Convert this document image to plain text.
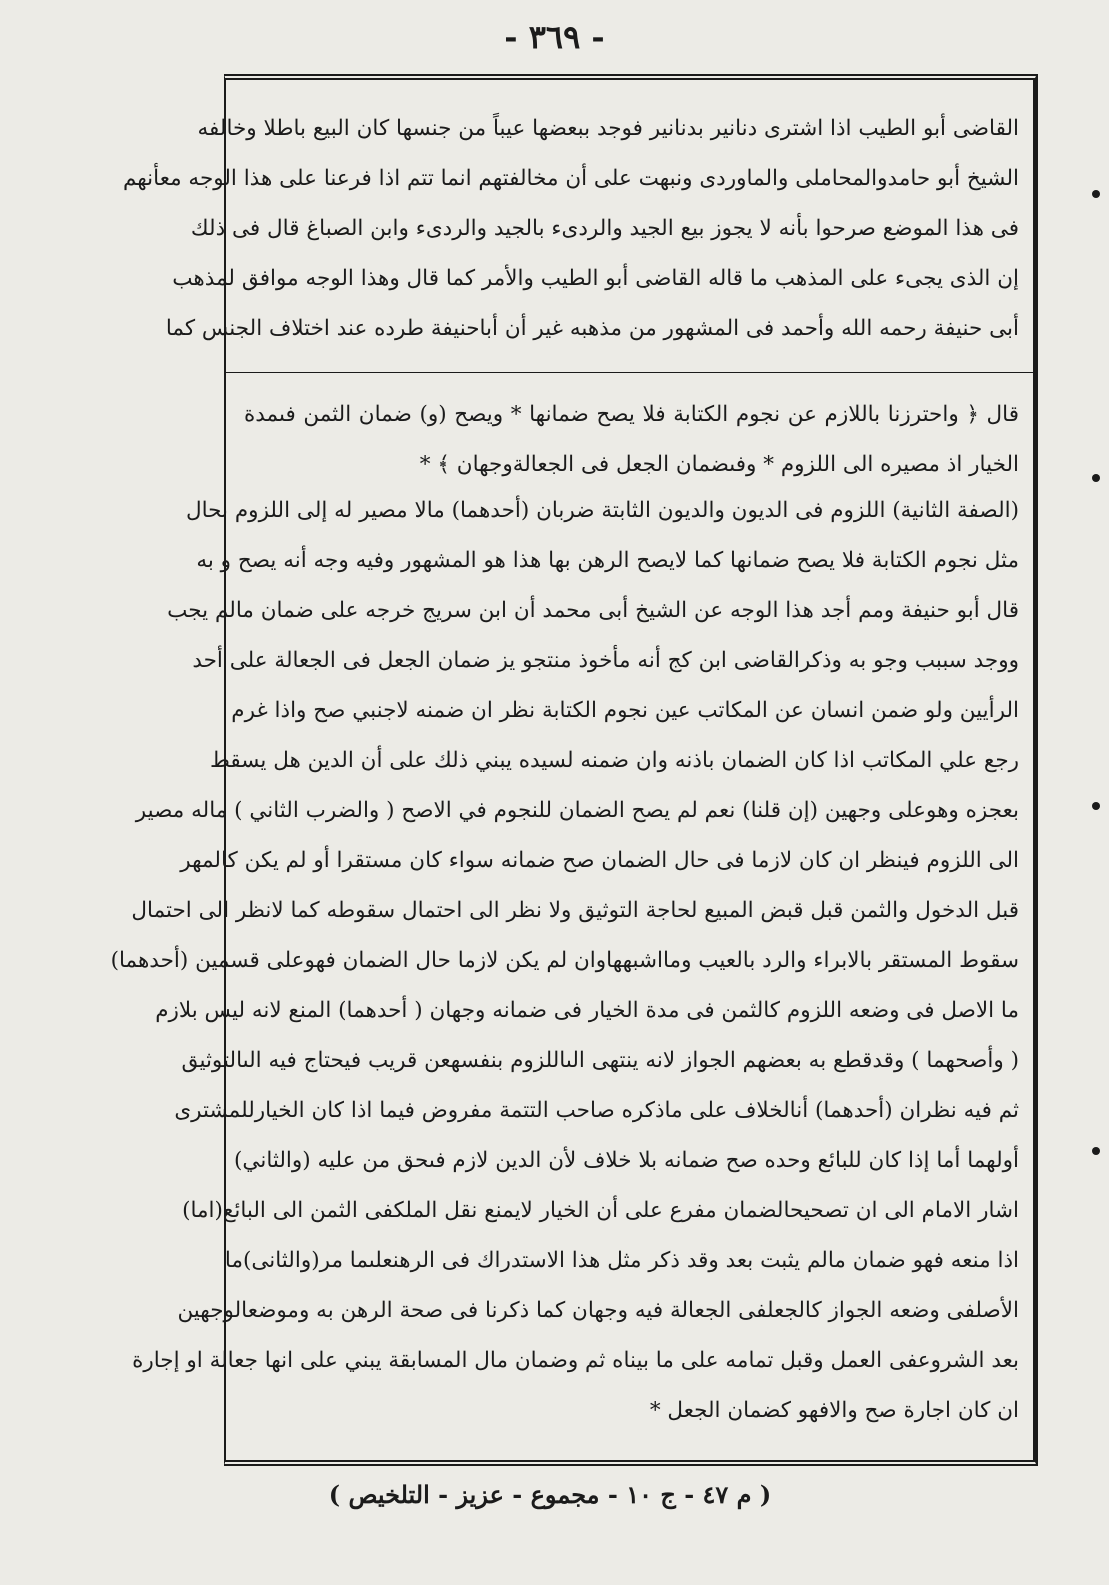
- ٣٦٩ -
القاضى أبو الطيب اذا اشترى دنانير بدنانير فوجد ببعضها عيباً من جنسها كان البيع باطلا وخالفه
الشيخ أبو حامدوالمحاملى والماوردى ونبهت على أن مخالفتهم انما تتم اذا فرعنا على هذا الوجه معأنهم
فى هذا الموضع صرحوا بأنه لا يجوز بيع الجيد والردىء بالجيد والردىء وابن الصباغ قال فى ذلك
إن الذى يجىء على المذهب ما قاله القاضى أبو الطيب والأمر كما قال وهذا الوجه موافق لمذهب
أبى حنيفة رحمه الله وأحمد فى المشهور من مذهبه غير أن أباحنيفة طرده عند اختلاف الجنس كما
قال ﴿ واحترزنا باللازم عن نجوم الكتابة فلا يصح ضمانها * ويصح (و) ضمان الثمن فىمدة
الخيار اذ مصيره الى اللزوم * وفىضمان الجعل فى الجعالةوجهان ﴾ *
(الصفة الثانية) اللزوم فى الديون والديون الثابتة ضربان (أحدهما) مالا مصير له إلى اللزوم بحال
مثل نجوم الكتابة فلا يصح ضمانها كما لايصح الرهن بها هذا هو المشهور وفيه وجه أنه يصح و به
قال أبو حنيفة ومم أجد هذا الوجه عن الشيخ أبى محمد أن ابن سريج خرجه على ضمان مالم يجب
ووجد سببب وجو به وذكرالقاضى ابن كج أنه مأخوذ منتجو يز ضمان الجعل فى الجعالة على أحد
الرأيين ولو ضمن انسان عن المكاتب عين نجوم الكتابة نظر ان ضمنه لاجنبي صح واذا غرم
رجع علي المكاتب اذا كان الضمان باذنه وان ضمنه لسيده يبني ذلك على أن الدين هل يسقط
بعجزه وهوعلى وجهين (إن قلنا) نعم لم يصح الضمان للنجوم في الاصح ( والضرب الثاني ) ماله مصير
الى اللزوم فينظر ان كان لازما فى حال الضمان صح ضمانه سواء كان مستقرا أو لم يكن كالمهر
قبل الدخول والثمن قبل قبض المبيع لحاجة التوثيق ولا نظر الى احتمال سقوطه كما لانظر الى احتمال
سقوط المستقر بالابراء والرد بالعيب ومااشبههاوان لم يكن لازما حال الضمان فهوعلى قسمين (أحدهما)
ما الاصل فى وضعه اللزوم كالثمن فى مدة الخيار فى ضمانه وجهان ( أحدهما) المنع لانه ليس بلازم
( وأصحهما ) وقدقطع به بعضهم الجواز لانه ينتهى الىاللزوم بنفسهعن قريب فيحتاج فيه الىالتوثيق
ثم فيه نظران (أحدهما) أنالخلاف على ماذكره صاحب التتمة مفروض فيما اذا كان الخيارللمشترى
أولهما أما إذا كان للبائع وحده صح ضمانه بلا خلاف لأن الدين لازم فىحق من عليه (والثاني)
اشار الامام الى ان تصحيحالضمان مفرع على أن الخيار لايمنع نقل الملكفى الثمن الى البائع(اما)
اذا منعه فهو ضمان مالم يثبت بعد وقد ذكر مثل هذا الاستدراك فى الرهنعلىما مر(والثانى)ما
الأصلفى وضعه الجواز كالجعلفى الجعالة فيه وجهان كما ذكرنا فى صحة الرهن به وموضعالوجهين
بعد الشروعفى العمل وقبل تمامه على ما بيناه ثم وضمان مال المسابقة يبني على انها جعالة او إجارة
ان كان اجارة صح والافهو كضمان الجعل *
( م ٤٧ - ج ١٠ - مجموع - عزيز - التلخيص )
